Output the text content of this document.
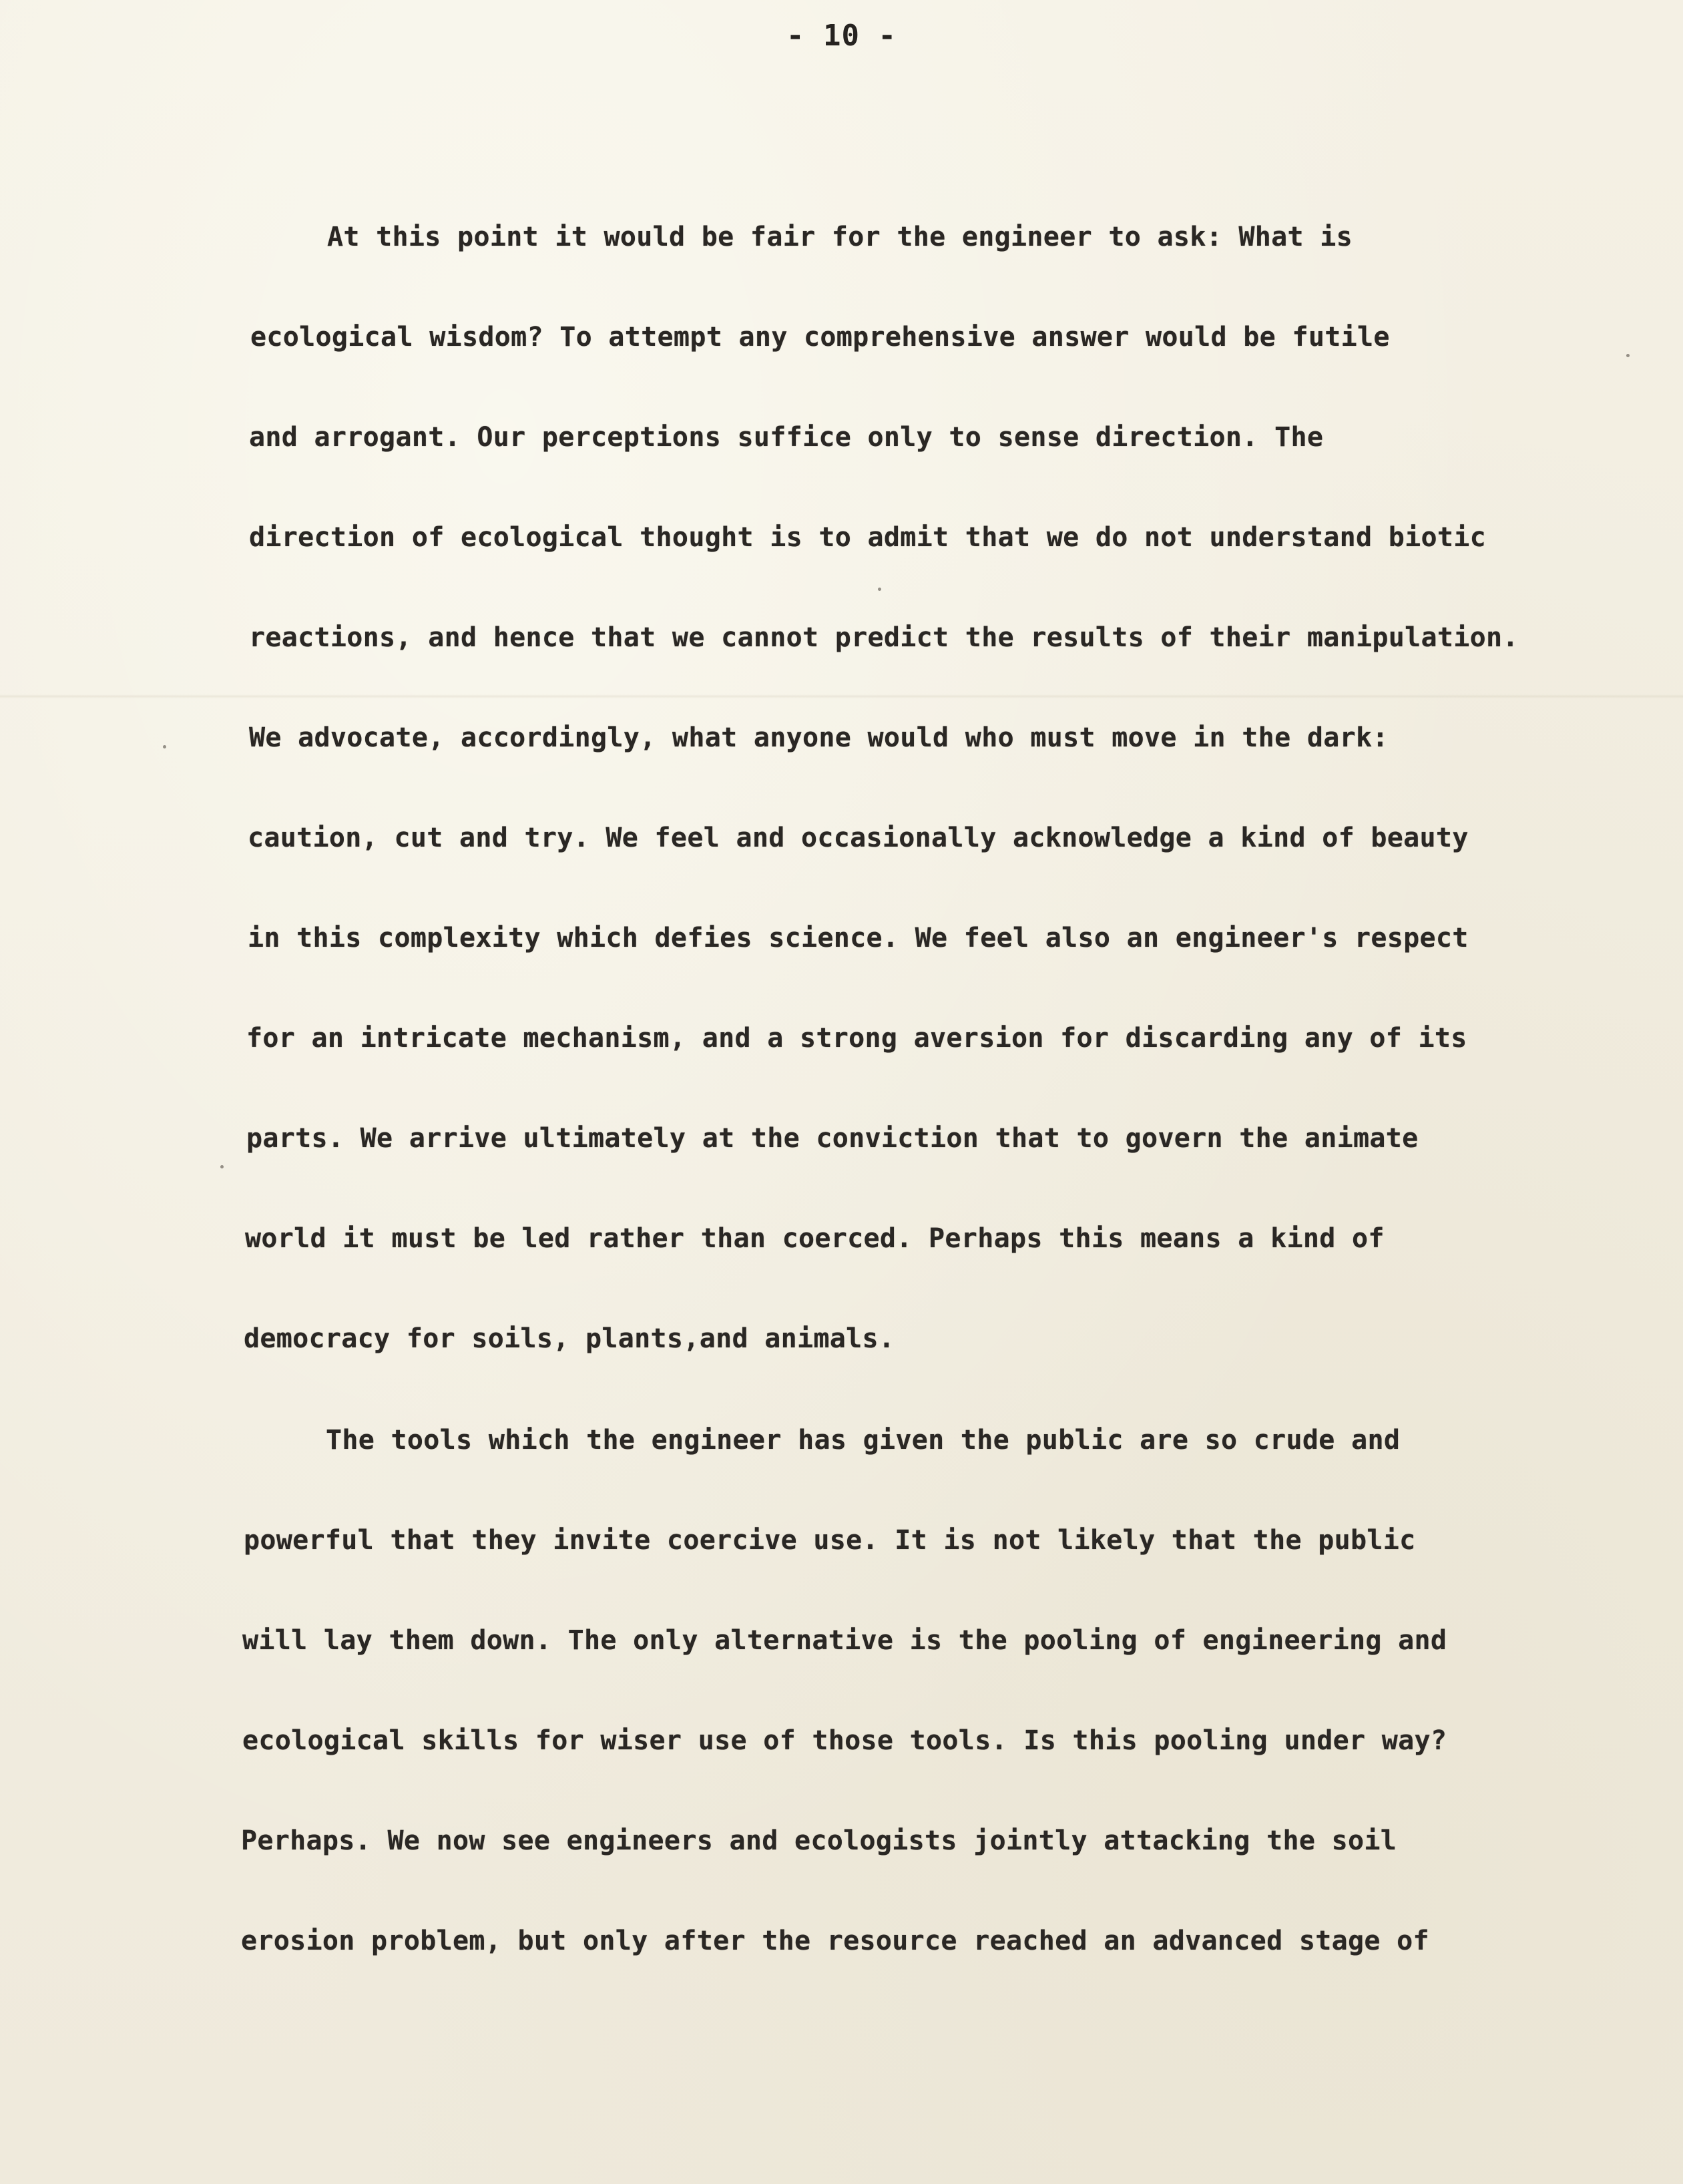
- 10 -

At this point it would be fair for the engineer to ask: What is

ecological wisdom? To attempt any comprehensive answer would be futile

and arrogant. Our perceptions suffice only to sense direction. The

direction of ecological thought is to admit that we do not understand biotic

reactions, and hence that we cannot predict the results of their manipulation.

We advocate, accordingly, what anyone would who must move in the dark:

caution, cut and try. We feel and occasionally acknowledge a kind of beauty

in this complexity which defies science. We feel also an engineer's respect

for an intricate mechanism, and a strong aversion for discarding any of its

parts. We arrive ultimately at the conviction that to govern the animate

world it must be led rather than coerced. Perhaps this means a kind of

democracy for soils, plants,and animals.

The tools which the engineer has given the public are so crude and

powerful that they invite coercive use. It is not likely that the public

will lay them down. The only alternative is the pooling of engineering and

ecological skills for wiser use of those tools. Is this pooling under way?

Perhaps. We now see engineers and ecologists jointly attacking the soil

erosion problem, but only after the resource reached an advanced stage of
